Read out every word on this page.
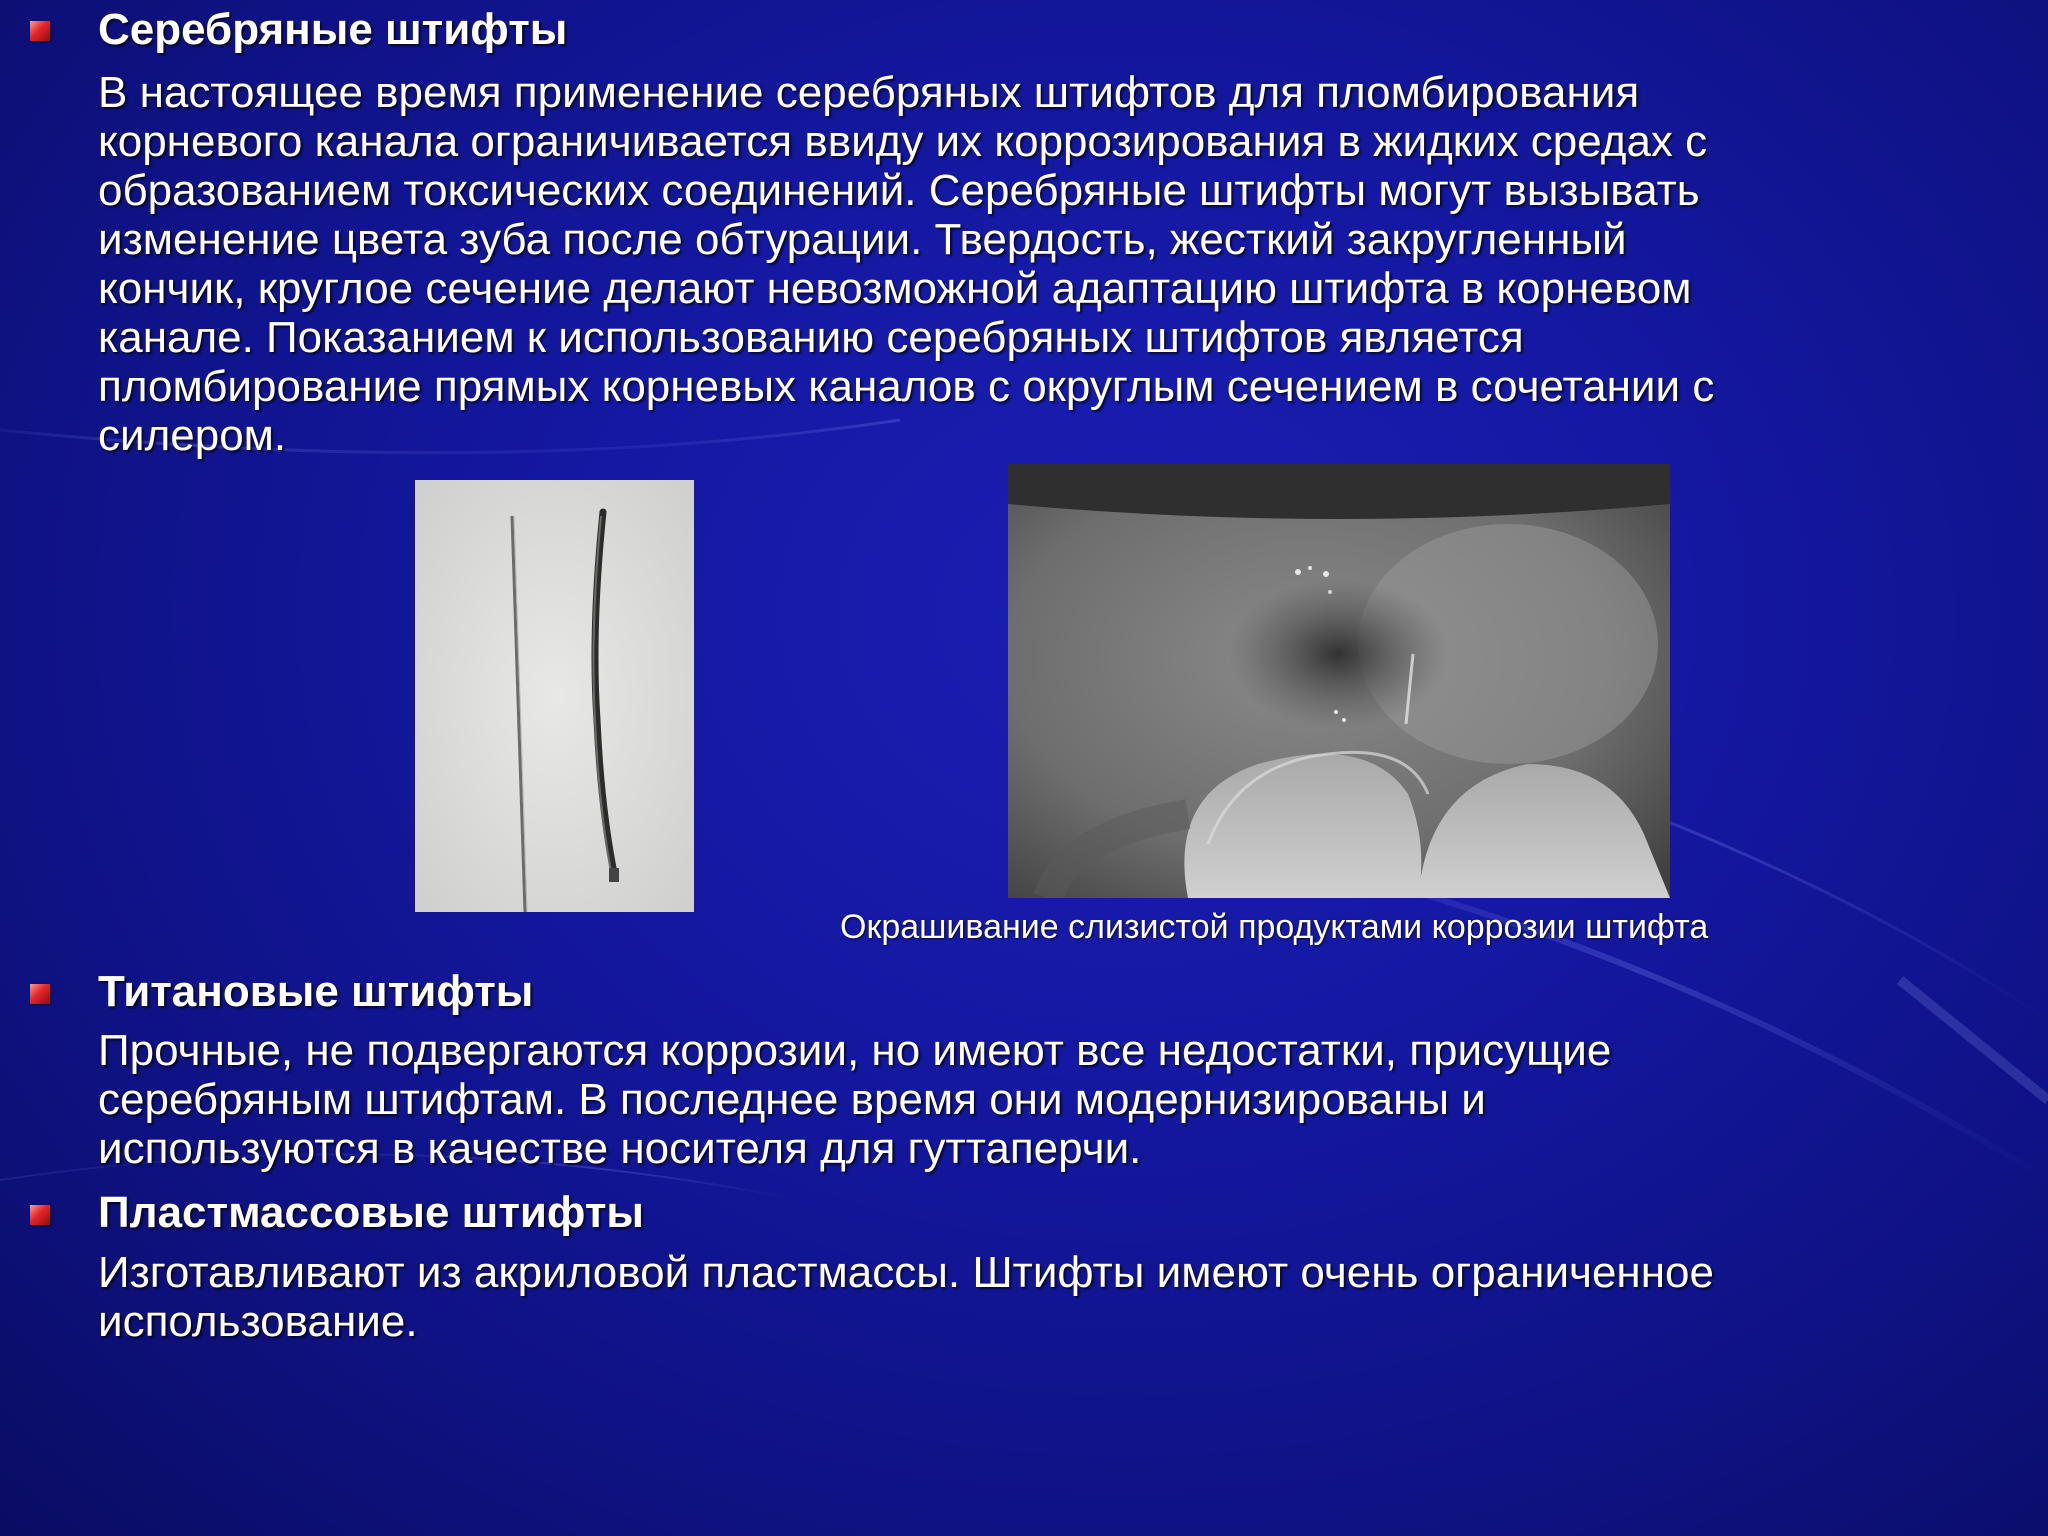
Серебряные штифты
В настоящее время применение серебряных штифтов для пломбирования
корневого канала ограничивается ввиду их коррозирования в жидких средах с
образованием токсических соединений. Серебряные штифты могут вызывать
изменение цвета зуба после обтурации. Твердость, жесткий закругленный
кончик, круглое сечение делают невозможной адаптацию штифта в корневом
канале. Показанием к использованию серебряных штифтов является
пломбирование прямых корневых каналов с округлым сечением в сочетании с
силером.
Окрашивание слизистой продуктами коррозии штифта
Титановые штифты
Прочные, не подвергаются коррозии, но имеют все недостатки, присущие
серебряным штифтам. В последнее время они модернизированы и
используются в качестве носителя для гуттаперчи.
Пластмассовые штифты
Изготавливают из акриловой пластмассы. Штифты имеют очень ограниченное
использование.
